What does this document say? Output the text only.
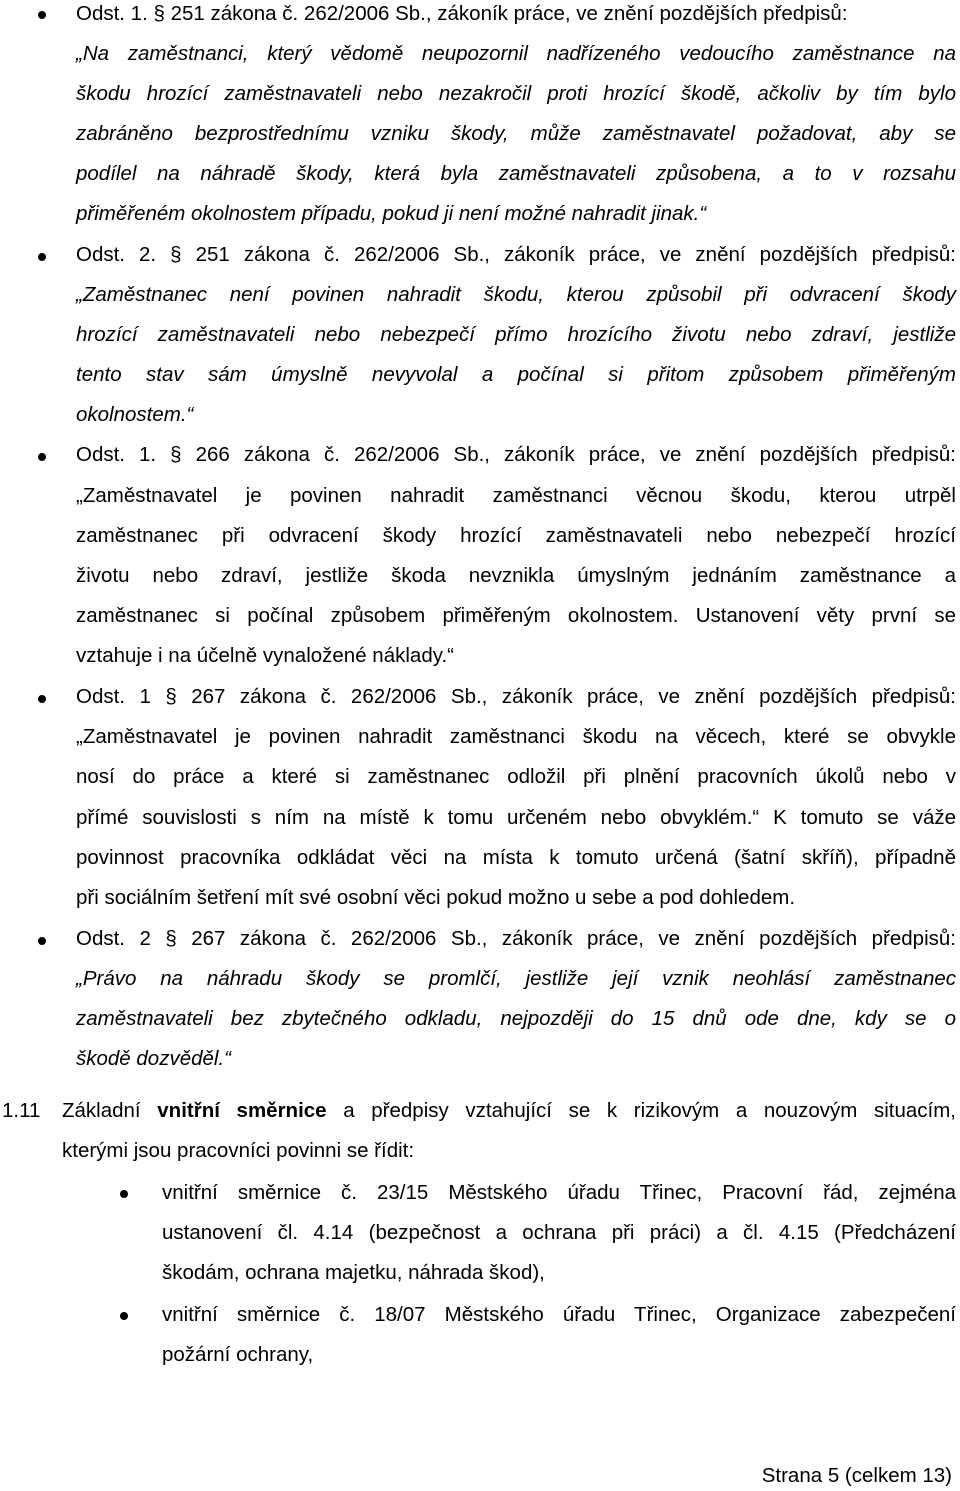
Odst. 1. § 251 zákona č. 262/2006 Sb., zákoník práce, ve znění pozdějších předpisů:
„Na zaměstnanci, který vědomě neupozornil nadřízeného vedoucího zaměstnance na
škodu hrozící zaměstnavateli nebo nezakročil proti hrozící škodě, ačkoliv by tím bylo
zabráněno bezprostřednímu vzniku škody, může zaměstnavatel požadovat, aby se
podílel na náhradě škody, která byla zaměstnavateli způsobena, a to v rozsahu
přiměřeném okolnostem případu, pokud ji není možné nahradit jinak.“
Odst. 2. § 251 zákona č. 262/2006 Sb., zákoník práce, ve znění pozdějších předpisů:
„Zaměstnanec není povinen nahradit škodu, kterou způsobil při odvracení škody
hrozící zaměstnavateli nebo nebezpečí přímo hrozícího životu nebo zdraví, jestliže
tento stav sám úmyslně nevyvolal a počínal si přitom způsobem přiměřeným
okolnostem.“
Odst. 1. § 266 zákona č. 262/2006 Sb., zákoník práce, ve znění pozdějších předpisů:
„Zaměstnavatel je povinen nahradit zaměstnanci věcnou škodu, kterou utrpěl
zaměstnanec při odvracení škody hrozící zaměstnavateli nebo nebezpečí hrozící
životu nebo zdraví, jestliže škoda nevznikla úmyslným jednáním zaměstnance a
zaměstnanec si počínal způsobem přiměřeným okolnostem. Ustanovení věty první se
vztahuje i na účelně vynaložené náklady.“
Odst. 1 § 267 zákona č. 262/2006 Sb., zákoník práce, ve znění pozdějších předpisů:
„Zaměstnavatel je povinen nahradit zaměstnanci škodu na věcech, které se obvykle
nosí do práce a které si zaměstnanec odložil při plnění pracovních úkolů nebo v
přímé souvislosti s ním na místě k tomu určeném nebo obvyklém.“ K tomuto se váže
povinnost pracovníka odkládat věci na místa k tomuto určená (šatní skříň), případně
při sociálním šetření mít své osobní věci pokud možno u sebe a pod dohledem.
Odst. 2 § 267 zákona č. 262/2006 Sb., zákoník práce, ve znění pozdějších předpisů:
„Právo na náhradu škody se promlčí, jestliže její vznik neohlásí zaměstnanec
zaměstnavateli bez zbytečného odkladu, nejpozději do 15 dnů ode dne, kdy se o
škodě dozvěděl.“
1.11 Základní vnitřní směrnice a předpisy vztahující se k rizikovým a nouzovým situacím,
kterými jsou pracovníci povinni se řídit:
vnitřní směrnice č. 23/15 Městského úřadu Třinec, Pracovní řád, zejména
ustanovení čl. 4.14 (bezpečnost a ochrana při práci) a čl. 4.15 (Předcházení
škodám, ochrana majetku, náhrada škod),
vnitřní směrnice č. 18/07 Městského úřadu Třinec, Organizace zabezpečení
požární ochrany,
Strana 5 (celkem 13)
